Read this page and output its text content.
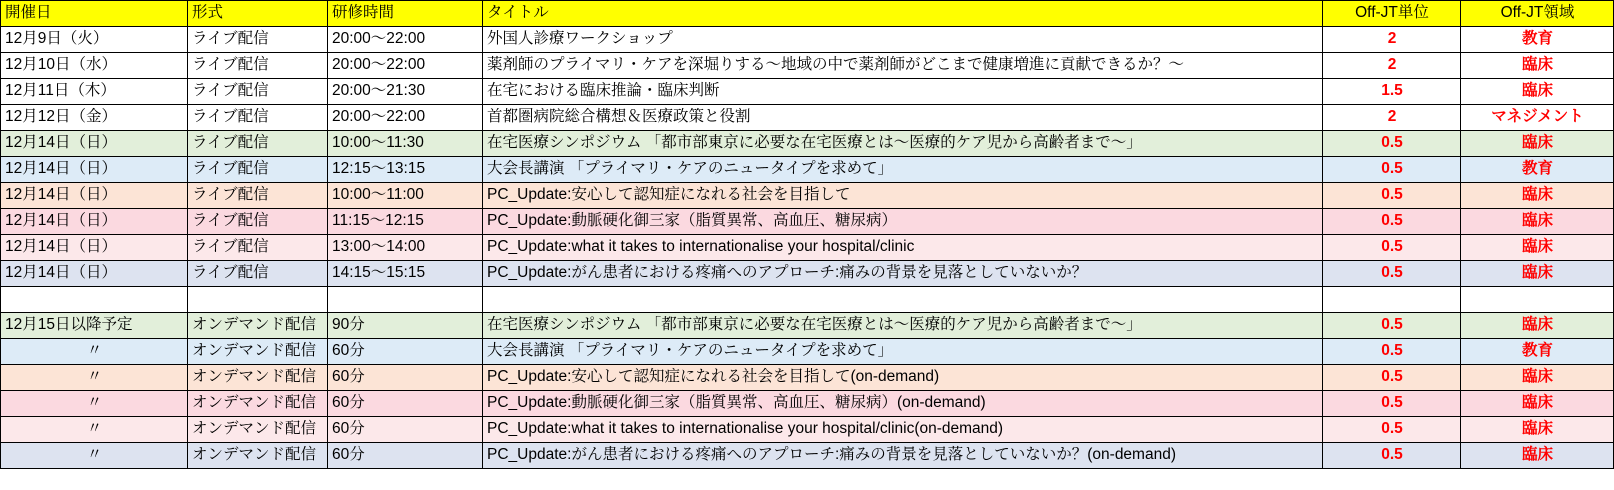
開催日	形式	研修時間	タイトル	Off-JT単位	Off-JT領域
12月9日（火）	ライブ配信	20:00〜22:00	外国人診療ワークショップ	2	教育
12月10日（水）	ライブ配信	20:00〜22:00	薬剤師のプライマリ・ケアを深堀りする〜地域の中で薬剤師がどこまで健康増進に貢献できるか？〜	2	臨床
12月11日（木）	ライブ配信	20:00〜21:30	在宅における臨床推論・臨床判断	1.5	臨床
12月12日（金）	ライブ配信	20:00〜22:00	首都圏病院総合構想＆医療政策と役割	2	マネジメント
12月14日（日）	ライブ配信	10:00〜11:30	在宅医療シンポジウム 「都市部東京に必要な在宅医療とは〜医療的ケア児から高齢者まで〜」	0.5	臨床
12月14日（日）	ライブ配信	12:15〜13:15	大会長講演 「プライマリ・ケアのニュータイプを求めて」	0.5	教育
12月14日（日）	ライブ配信	10:00〜11:00	PC_Update:安心して認知症になれる社会を目指して	0.5	臨床
12月14日（日）	ライブ配信	11:15〜12:15	PC_Update:動脈硬化御三家（脂質異常、高血圧、糖尿病）	0.5	臨床
12月14日（日）	ライブ配信	13:00〜14:00	PC_Update:what it takes to internationalise your hospital/clinic	0.5	臨床
12月14日（日）	ライブ配信	14:15〜15:15	PC_Update:がん患者における疼痛へのアプローチ:痛みの背景を見落としていないか？	0.5	臨床

12月15日以降予定	オンデマンド配信	90分	在宅医療シンポジウム 「都市部東京に必要な在宅医療とは〜医療的ケア児から高齢者まで〜」	0.5	臨床
〃	オンデマンド配信	60分	大会長講演 「プライマリ・ケアのニュータイプを求めて」	0.5	教育
〃	オンデマンド配信	60分	PC_Update:安心して認知症になれる社会を目指して(on-demand)	0.5	臨床
〃	オンデマンド配信	60分	PC_Update:動脈硬化御三家（脂質異常、高血圧、糖尿病）(on-demand)	0.5	臨床
〃	オンデマンド配信	60分	PC_Update:what it takes to internationalise your hospital/clinic(on-demand)	0.5	臨床
〃	オンデマンド配信	60分	PC_Update:がん患者における疼痛へのアプローチ:痛みの背景を見落としていないか？(on-demand)	0.5	臨床
